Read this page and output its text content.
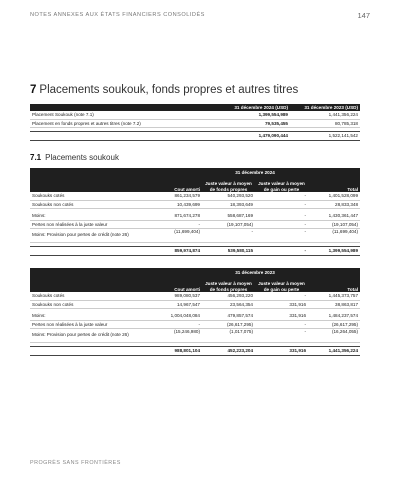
NOTES ANNEXES AUX ÉTATS FINANCIERS CONSOLIDÉS	147
7 Placements soukouk, fonds propres et autres titres
	31 décembre 2024 (USD)	31 décembre 2023 (USD)
Placement Soukouk (note 7.1)	1,399,554,989	1,441,356,224
Placement en fonds propres et autres titres (note 7.2)	79,535,455	80,785,318

	1,479,090,444	1,522,141,542
7.1 Placements soukouk
	31 décembre 2024			
	Cout amorti	Juste valeur à moyen de fonds propres	Juste valeur à moyen de gain ou perte	Total
Soukouks cotés	861,234,579	540,293,520	-	1,401,528,099
Soukouks non cotés	10,439,699	18,393,649	-	28,833,348

Moins:	871,674,278	558,687,169	-	1,430,361,447
Pertes non réalisées à la juste valeur	-	(19,107,054)	-	(19,107,054)
Moins: Provision pour pertes de crédit (note 26)	(11,699,404)	-	-	(11,699,404)

	859,974,874	539,580,115	-	1,399,554,989
	31 décembre 2023			
	Cout amorti	Juste valeur à moyen de fonds propres	Juste valeur à moyen de gain ou perte	Total
Soukouks cotés	989,080,537	456,293,220	-	1,445,373,757
Soukouks non cotés	14,967,547	23,564,354	331,916	38,863,817

Moins:	1,004,048,084	479,857,574	331,916	1,484,237,574
Pertes non réalisées à la juste valeur	-	(26,617,295)	-	(26,617,295)
Moins: Provision pour pertes de crédit (note 26)	(15,246,980)	(1,017,075)	-	(16,264,055)

	988,801,104	452,223,204	331,916	1,441,356,224
PROGRÈS SANS FRONTIÈRES
